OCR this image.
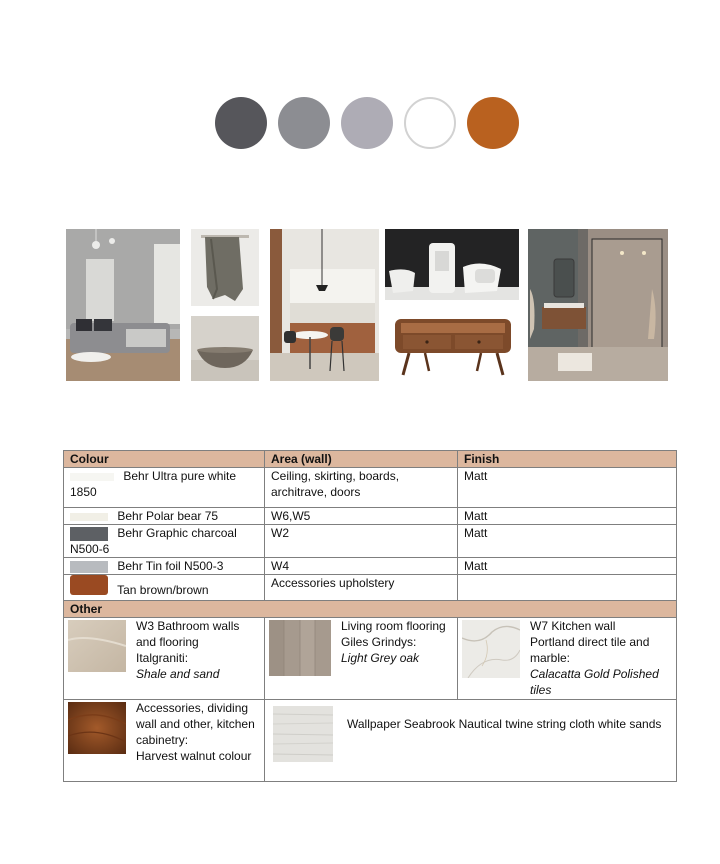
Colour	Area (wall)	Finish
Behr Ultra pure white
1850	Ceiling, skirting, boards, architrave, doors	Matt
Behr Polar bear 75	W6,W5	Matt
Behr Graphic charcoal
N500-6	W2	Matt
Behr Tin foil N500-3	W4	Matt
Tan brown/brown	Accessories upholstery	
Other		

W3 Bathroom walls
and flooring
Italgraniti:
Shale and sand	Living room flooring
Giles Grindys:
Light Grey oak	W7 Kitchen wall
Portland direct tile and
marble:
Calacatta Gold Polished tiles

Accessories, dividing
wall and other, kitchen
cabinetry:
Harvest walnut colour	Wallpaper Seabrook Nautical twine string cloth white sands	
